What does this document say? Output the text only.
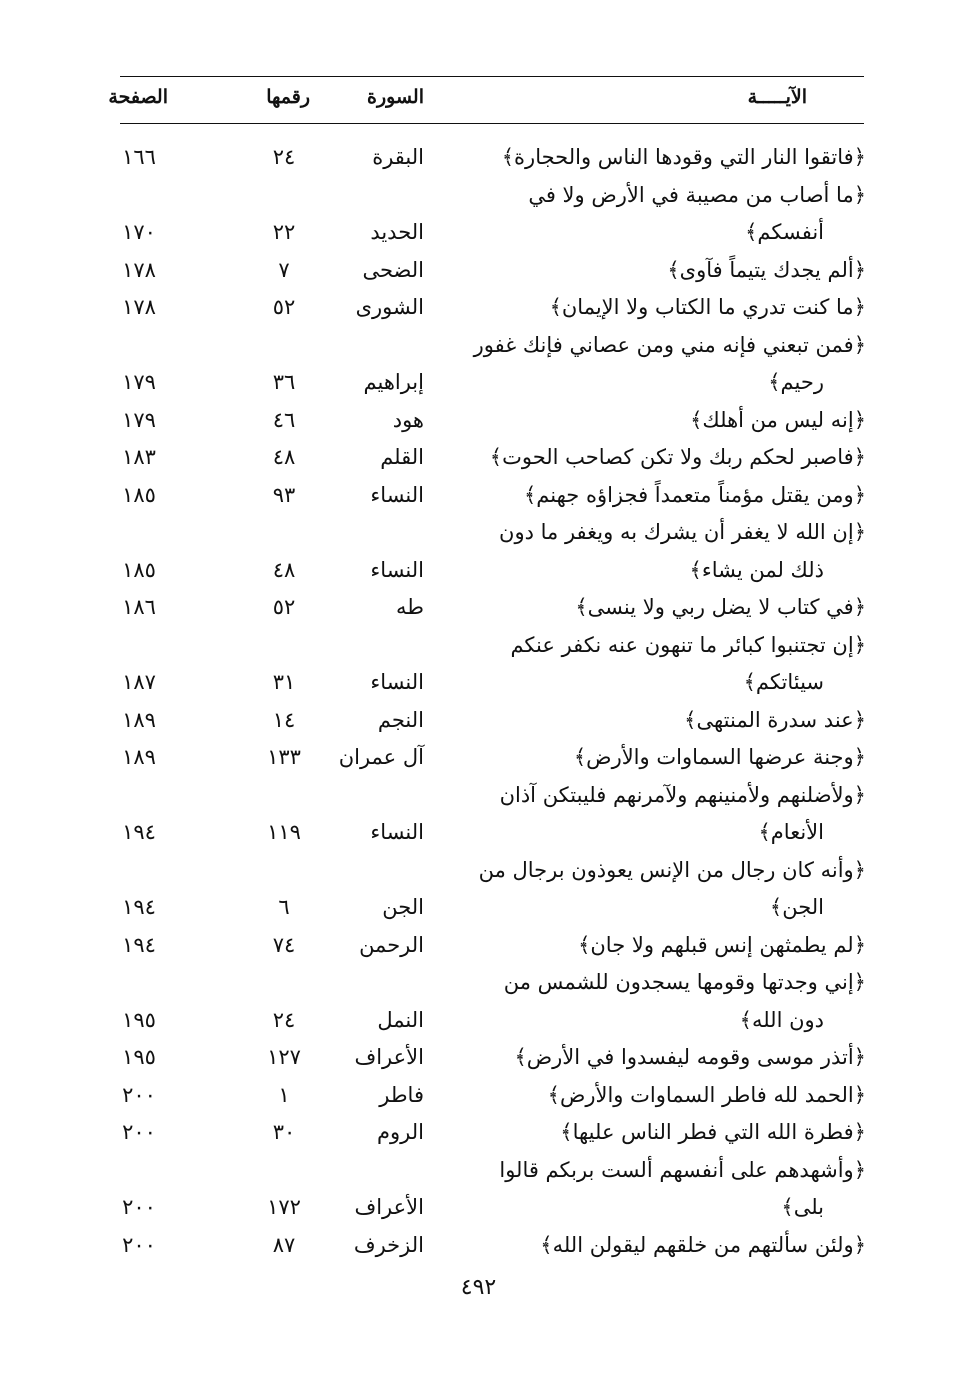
الآيـــــة
السورة
رقمها
الصفحة
﴿فاتقوا النار التي وقودها الناس والحجارة﴾
البقرة
٢٤
١٦٦
﴿ما أصاب من مصيبة في الأرض ولا في
أنفسكم﴾
الحديد
٢٢
١٧٠
﴿ألم يجدك يتيماً فآوى﴾
الضحى
٧
١٧٨
﴿ما كنت تدري ما الكتاب ولا الإيمان﴾
الشورى
٥٢
١٧٨
﴿فمن تبعني فإنه مني ومن عصاني فإنك غفور
رحيم﴾
إبراهيم
٣٦
١٧٩
﴿إنه ليس من أهلك﴾
هود
٤٦
١٧٩
﴿فاصبر لحكم ربك ولا تكن كصاحب الحوت﴾
القلم
٤٨
١٨٣
﴿ومن يقتل مؤمناً متعمداً فجزاؤه جهنم﴾
النساء
٩٣
١٨٥
﴿إن الله لا يغفر أن يشرك به ويغفر ما دون
ذلك لمن يشاء﴾
النساء
٤٨
١٨٥
﴿في كتاب لا يضل ربي ولا ينسى﴾
طه
٥٢
١٨٦
﴿إن تجتنبوا كبائر ما تنهون عنه نكفر عنكم
سيئاتكم﴾
النساء
٣١
١٨٧
﴿عند سدرة المنتهى﴾
النجم
١٤
١٨٩
﴿وجنة عرضها السماوات والأرض﴾
آل عمران
١٣٣
١٨٩
﴿ولأضلنهم ولأمنينهم ولآمرنهم فليبتكن آذان
الأنعام﴾
النساء
١١٩
١٩٤
﴿وأنه كان رجال من الإنس يعوذون برجال من
الجن﴾
الجن
٦
١٩٤
﴿لم يطمثهن إنس قبلهم ولا جان﴾
الرحمن
٧٤
١٩٤
﴿إني وجدتها وقومها يسجدون للشمس من
دون الله﴾
النمل
٢٤
١٩٥
﴿أتذر موسى وقومه ليفسدوا في الأرض﴾
الأعراف
١٢٧
١٩٥
﴿الحمد لله فاطر السماوات والأرض﴾
فاطر
١
٢٠٠
﴿فطرة الله التي فطر الناس عليها﴾
الروم
٣٠
٢٠٠
﴿وأشهدهم على أنفسهم ألست بربكم قالوا
بلى﴾
الأعراف
١٧٢
٢٠٠
﴿ولئن سألتهم من خلقهم ليقولن الله﴾
الزخرف
٨٧
٢٠٠
٤٩٢
